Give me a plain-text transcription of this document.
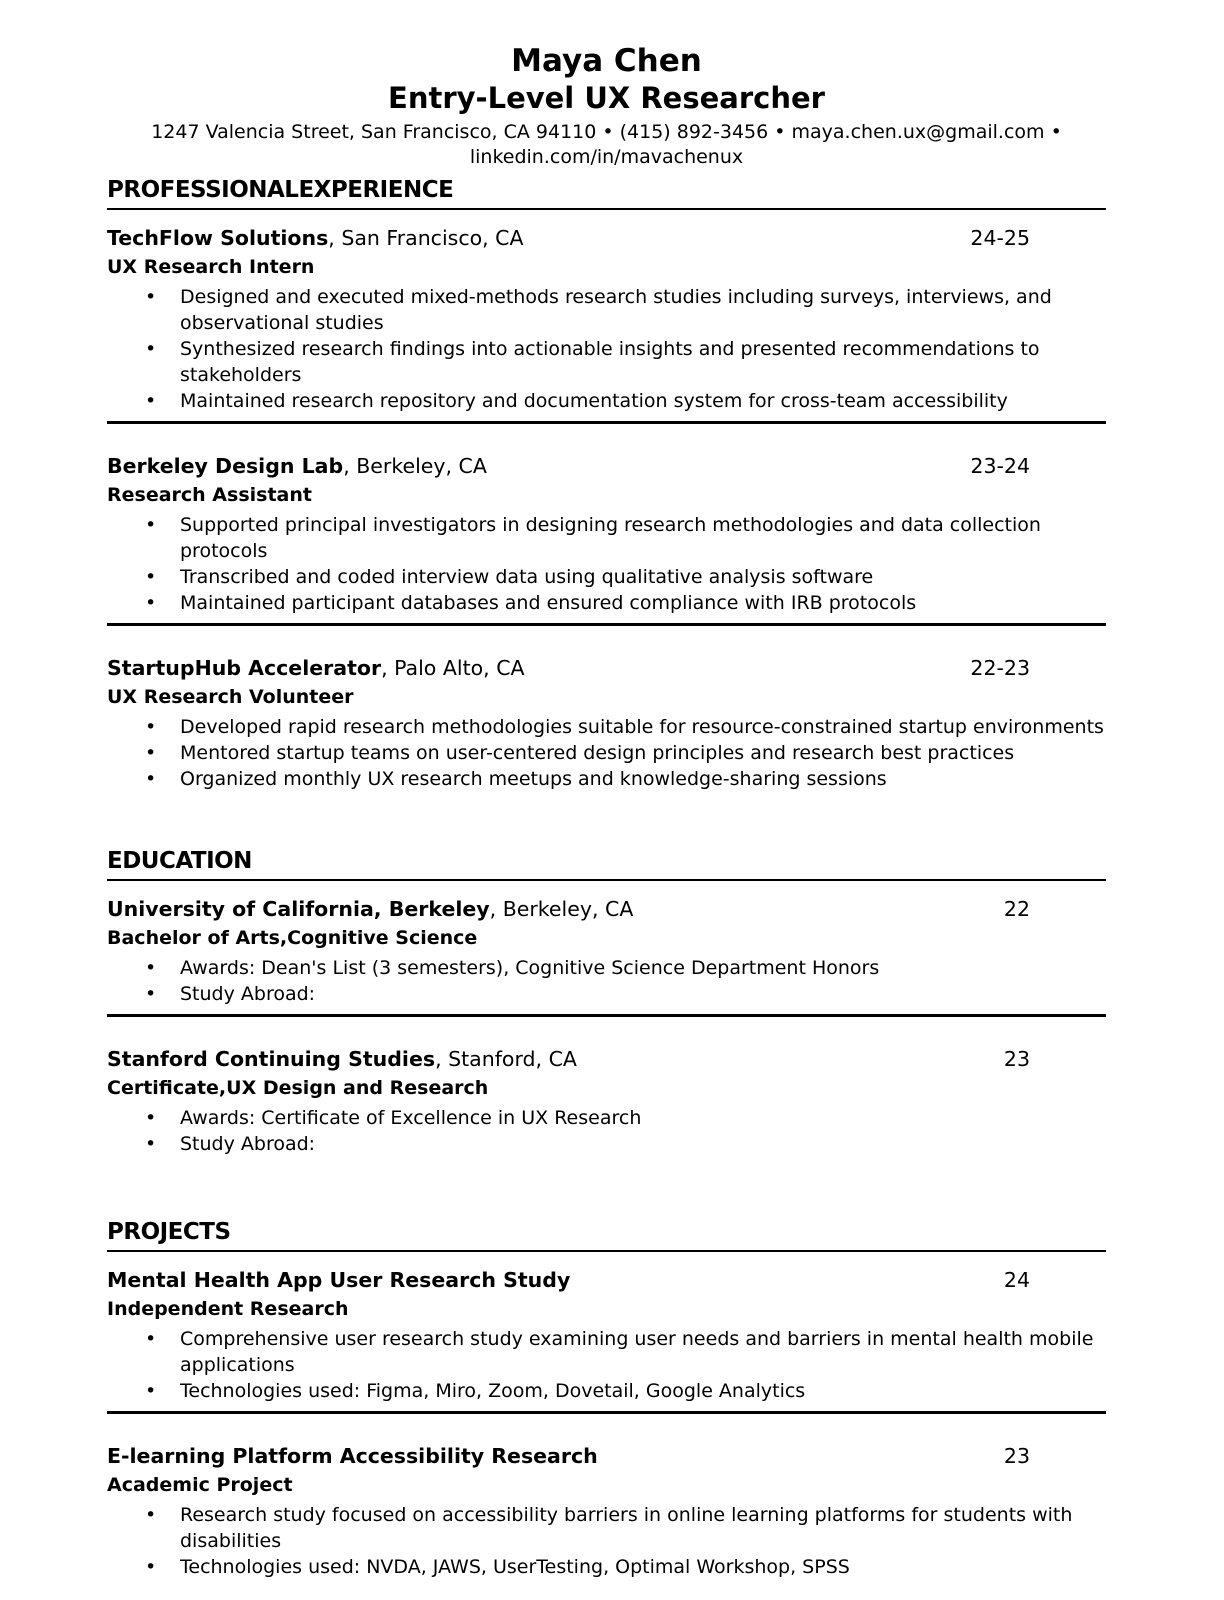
Maya Chen
Entry-Level UX Researcher

1247 Valencia Street, San Francisco, CA 94110 • (415) 892-3456 • maya.chen.ux@gmail.com •

linkedin.com/in/mavachenux

PROFESSIONALEXPERIENCE

TechFlow Solutions, San Francisco, CA	24-25

UX Research Intern

• Designed and executed mixed-methods research studies including surveys, interviews, and observational studies
• Synthesized research findings into actionable insights and presented recommendations to stakeholders
• Maintained research repository and documentation system for cross-team accessibility

Berkeley Design Lab, Berkeley, CA	23-24

Research Assistant

• Supported principal investigators in designing research methodologies and data collection protocols
• Transcribed and coded interview data using qualitative analysis software
• Maintained participant databases and ensured compliance with IRB protocols

StartupHub Accelerator, Palo Alto, CA	22-23

UX Research Volunteer

• Developed rapid research methodologies suitable for resource-constrained startup environments
• Mentored startup teams on user-centered design principles and research best practices
• Organized monthly UX research meetups and knowledge-sharing sessions
EDUCATION

University of California, Berkeley, Berkeley, CA	22

Bachelor of Arts,Cognitive Science

• Awards: Dean's List (3 semesters), Cognitive Science Department Honors
• Study Abroad:

Stanford Continuing Studies, Stanford, CA	23

Certificate,UX Design and Research

• Awards: Certificate of Excellence in UX Research
• Study Abroad:
PROJECTS

Mental Health App User Research Study	24

Independent Research

• Comprehensive user research study examining user needs and barriers in mental health mobile applications
• Technologies used: Figma, Miro, Zoom, Dovetail, Google Analytics

E-learning Platform Accessibility Research	23

Academic Project

• Research study focused on accessibility barriers in online learning platforms for students with disabilities
• Technologies used: NVDA, JAWS, UserTesting, Optimal Workshop, SPSS
